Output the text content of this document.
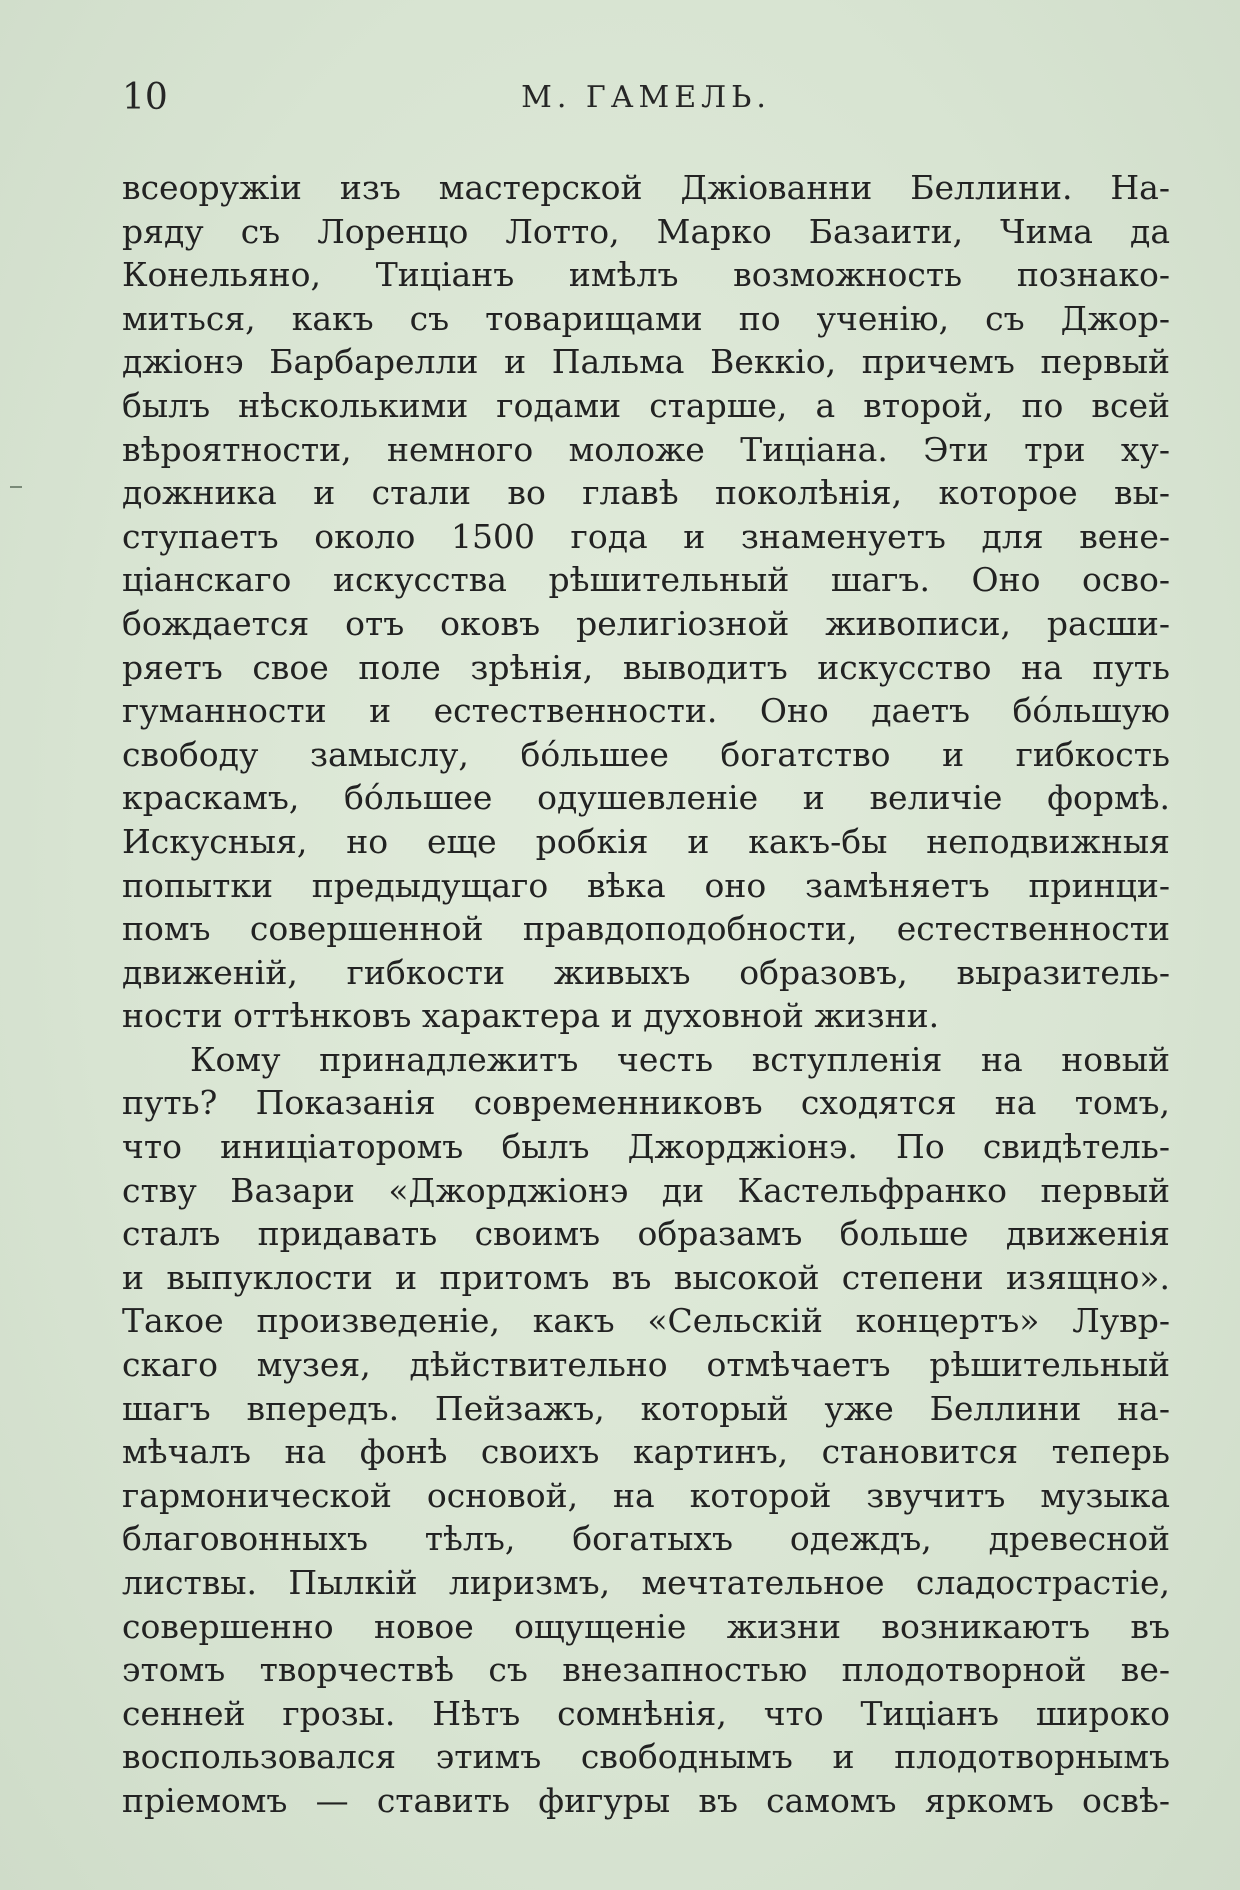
10	М. ГАМЕЛЬ.
всеоружіи изъ мастерской Джіованни Беллини. На-
ряду съ Лоренцо Лотто, Марко Базаити, Чима да
Конельяно, Тиціанъ имѣлъ возможность познако-
миться, какъ съ товарищами по ученію, съ Джор-
джіонэ Барбарелли и Пальма Веккіо, причемъ первый
былъ нѣсколькими годами старше, а второй, по всей
вѣроятности, немного моложе Тиціана. Эти три ху-
дожника и стали во главѣ поколѣнія, которое вы-
ступаетъ около 1500 года и знаменуетъ для вене-
ціанскаго искусства рѣшительный шагъ. Оно осво-
бождается отъ оковъ религіозной живописи, расши-
ряетъ свое поле зрѣнія, выводитъ искусство на путь
гуманности и естественности. Оно даетъ бóльшую
свободу замыслу, бóльшее богатство и гибкость
краскамъ, бóльшее одушевленіе и величіе формѣ.
Искусныя, но еще робкія и какъ-бы неподвижныя
попытки предыдущаго вѣка оно замѣняетъ принци-
помъ совершенной правдоподобности, естественности
движеній, гибкости живыхъ образовъ, выразитель-
ности оттѣнковъ характера и духовной жизни.
Кому принадлежитъ честь вступленія на новый
путь? Показанія современниковъ сходятся на томъ,
что иниціаторомъ былъ Джорджіонэ. По свидѣтель-
ству Вазари «Джорджіонэ ди Кастельфранко первый
сталъ придавать своимъ образамъ больше движенія
и выпуклости и притомъ въ высокой степени изящно».
Такое произведеніе, какъ «Сельскій концертъ» Лувр-
скаго музея, дѣйствительно отмѣчаетъ рѣшительный
шагъ впередъ. Пейзажъ, который уже Беллини на-
мѣчалъ на фонѣ своихъ картинъ, становится теперь
гармонической основой, на которой звучитъ музыка
благовонныхъ тѣлъ, богатыхъ одеждъ, древесной
листвы. Пылкій лиризмъ, мечтательное сладострастіе,
совершенно новое ощущеніе жизни возникаютъ въ
этомъ творчествѣ съ внезапностью плодотворной ве-
сенней грозы. Нѣтъ сомнѣнія, что Тиціанъ широко
воспользовался этимъ свободнымъ и плодотворнымъ
пріемомъ — ставить фигуры въ самомъ яркомъ освѣ-
